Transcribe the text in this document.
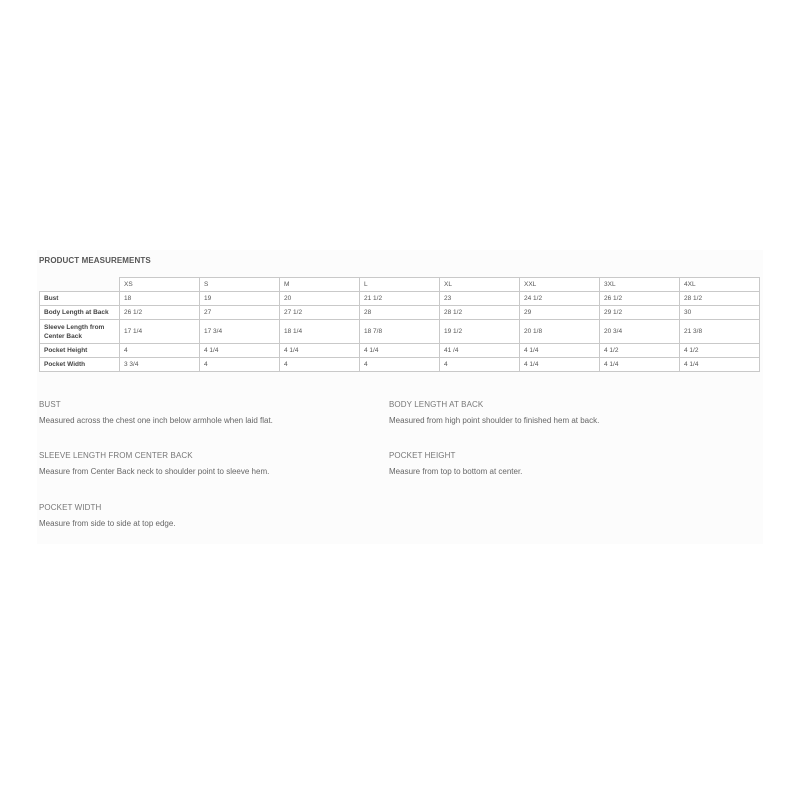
PRODUCT MEASUREMENTS
	XS	S	M	L	XL	XXL	3XL	4XL
Bust	18	19	20	21 1/2	23	24 1/2	26 1/2	28 1/2
Body Length at Back	26 1/2	27	27 1/2	28	28 1/2	29	29 1/2	30
Sleeve Length from
Center Back	17 1/4	17 3/4	18 1/4	18 7/8	19 1/2	20 1/8	20 3/4	21 3/8
Pocket Height	4	4 1/4	4 1/4	4 1/4	41 /4	4 1/4	4 1/2	4 1/2
Pocket Width	3 3/4	4	4	4	4	4 1/4	4 1/4	4 1/4
BUST
Measured across the chest one inch below armhole when laid flat.
BODY LENGTH AT BACK
Measured from high point shoulder to finished hem at back.
SLEEVE LENGTH FROM CENTER BACK
Measure from Center Back neck to shoulder point to sleeve hem.
POCKET HEIGHT
Measure from top to bottom at center.
POCKET WIDTH
Measure from side to side at top edge.
